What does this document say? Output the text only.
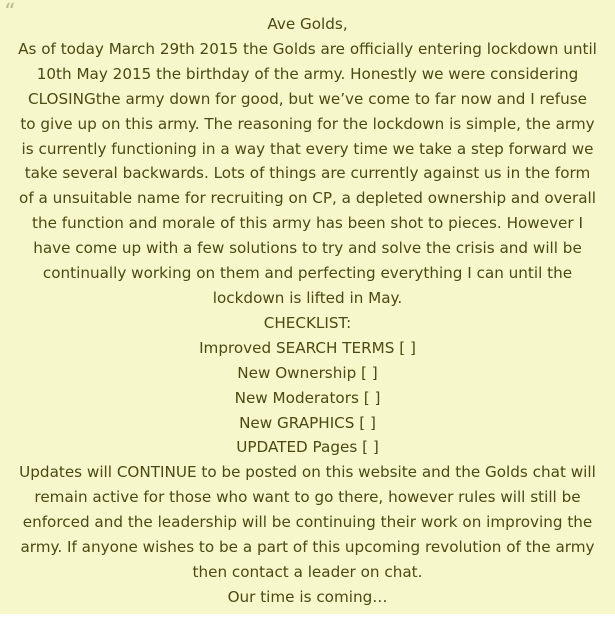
“	Ave Golds,

As of today March 29th 2015 the Golds are officially entering lockdown until 10th May 2015 the birthday of the army. Honestly we were considering CLOSINGthe army down for good, but we’ve come to far now and I refuse to give up on this army. The reasoning for the lockdown is simple, the army is currently functioning in a way that every time we take a step forward we take several backwards. Lots of things are currently against us in the form of a unsuitable name for recruiting on CP, a depleted ownership and overall the function and morale of this army has been shot to pieces. However I have come up with a few solutions to try and solve the crisis and will be continually working on them and perfecting everything I can until the lockdown is lifted in May.

CHECKLIST:

Improved SEARCH TERMS [ ]
New Ownership [ ]
New Moderators [ ]
New GRAPHICS [ ]
UPDATED Pages [ ]

Updates will CONTINUE to be posted on this website and the Golds chat will remain active for those who want to go there, however rules will still be enforced and the leadership will be continuing their work on improving the army. If anyone wishes to be a part of this upcoming revolution of the army then contact a leader on chat.

Our time is coming…
